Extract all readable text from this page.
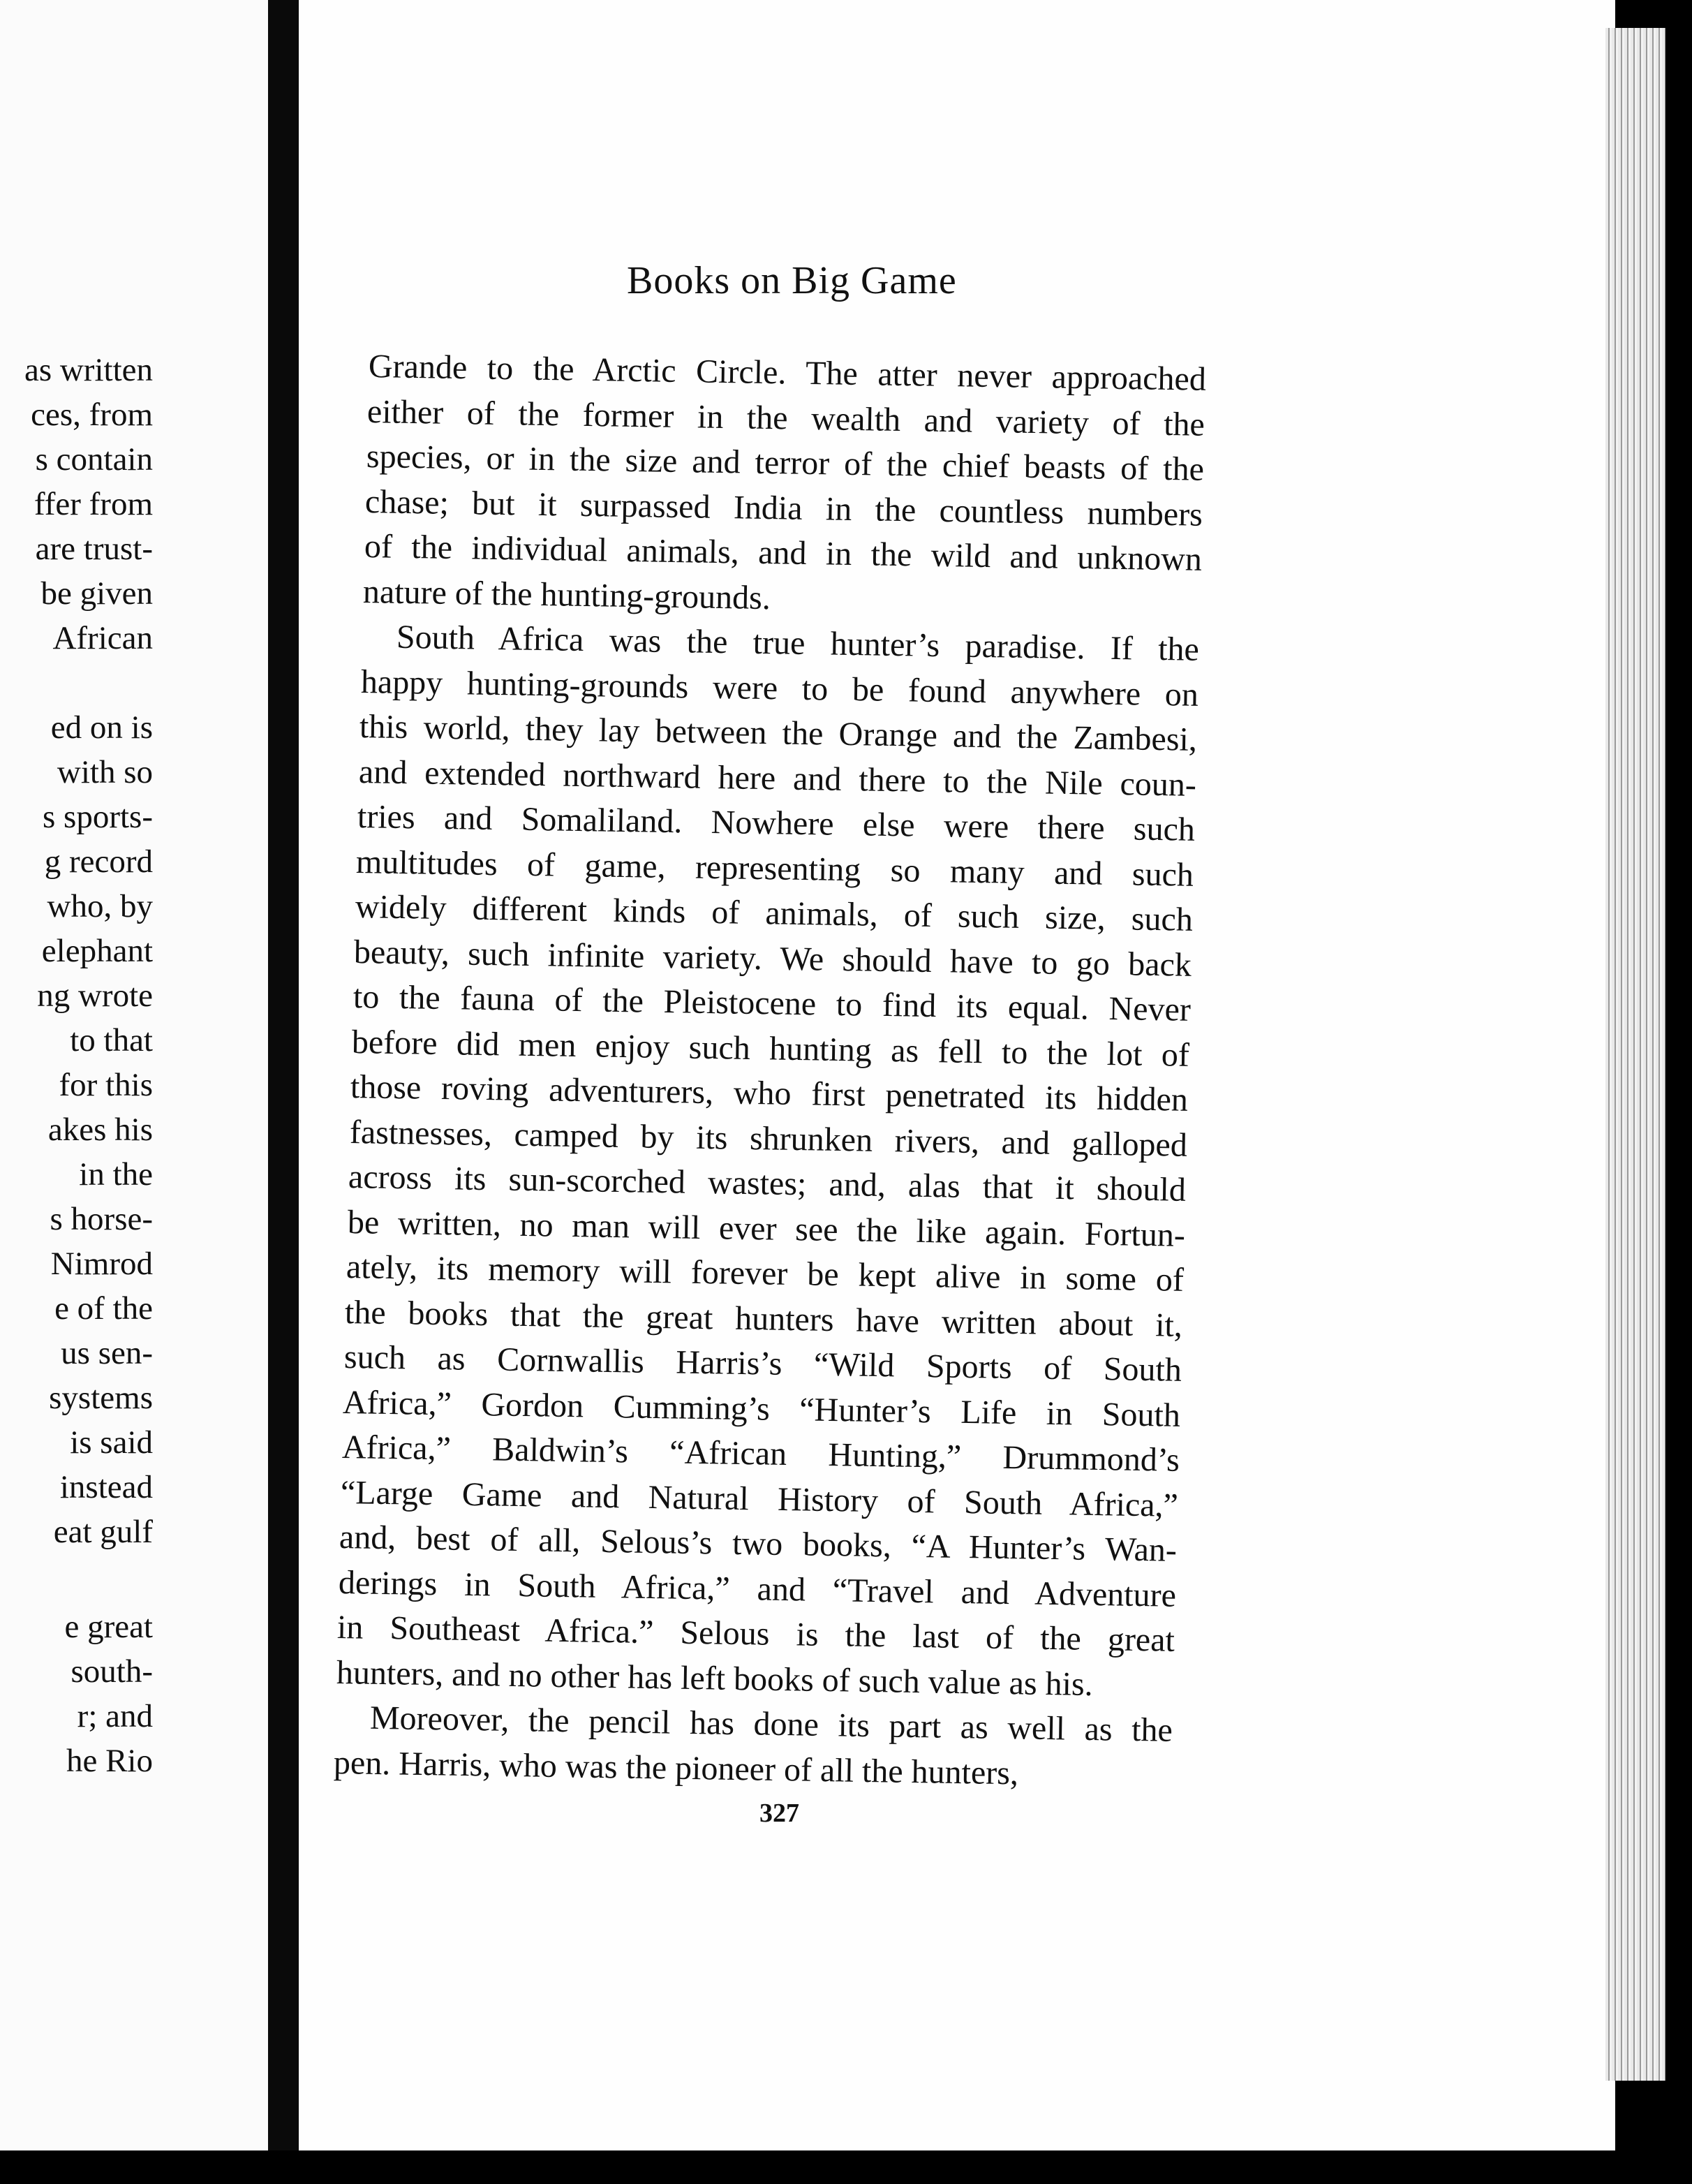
as written
ces, from
s contain
ffer from
are trust-
be given
African
ed on is
with so
s sports-
g record
who, by
elephant
ng wrote
to that
for this
akes his
in the
s horse-
Nimrod
e of the
us sen-
systems
is said
instead
eat gulf
e great
south-
r; and
he Rio
Books on Big Game
327
Grande to the Arctic Circle. The atter never approached
either of the former in the wealth and variety of the
species, or in the size and terror of the chief beasts of the
chase; but it surpassed India in the countless numbers
of the individual animals, and in the wild and unknown
nature of the hunting-grounds.
South Africa was the true hunter’s paradise. If the
happy hunting-grounds were to be found anywhere on
this world, they lay between the Orange and the Zambesi,
and extended northward here and there to the Nile coun-
tries and Somaliland. Nowhere else were there such
multitudes of game, representing so many and such
widely different kinds of animals, of such size, such
beauty, such infinite variety. We should have to go back
to the fauna of the Pleistocene to find its equal. Never
before did men enjoy such hunting as fell to the lot of
those roving adventurers, who first penetrated its hidden
fastnesses, camped by its shrunken rivers, and galloped
across its sun-scorched wastes; and, alas that it should
be written, no man will ever see the like again. Fortun-
ately, its memory will forever be kept alive in some of
the books that the great hunters have written about it,
such as Cornwallis Harris’s “Wild Sports of South
Africa,” Gordon Cumming’s “Hunter’s Life in South
Africa,” Baldwin’s “African Hunting,” Drummond’s
“Large Game and Natural History of South Africa,”
and, best of all, Selous’s two books, “A Hunter’s Wan-
derings in South Africa,” and “Travel and Adventure
in Southeast Africa.” Selous is the last of the great
hunters, and no other has left books of such value as his.
Moreover, the pencil has done its part as well as the
pen. Harris, who was the pioneer of all the hunters,
